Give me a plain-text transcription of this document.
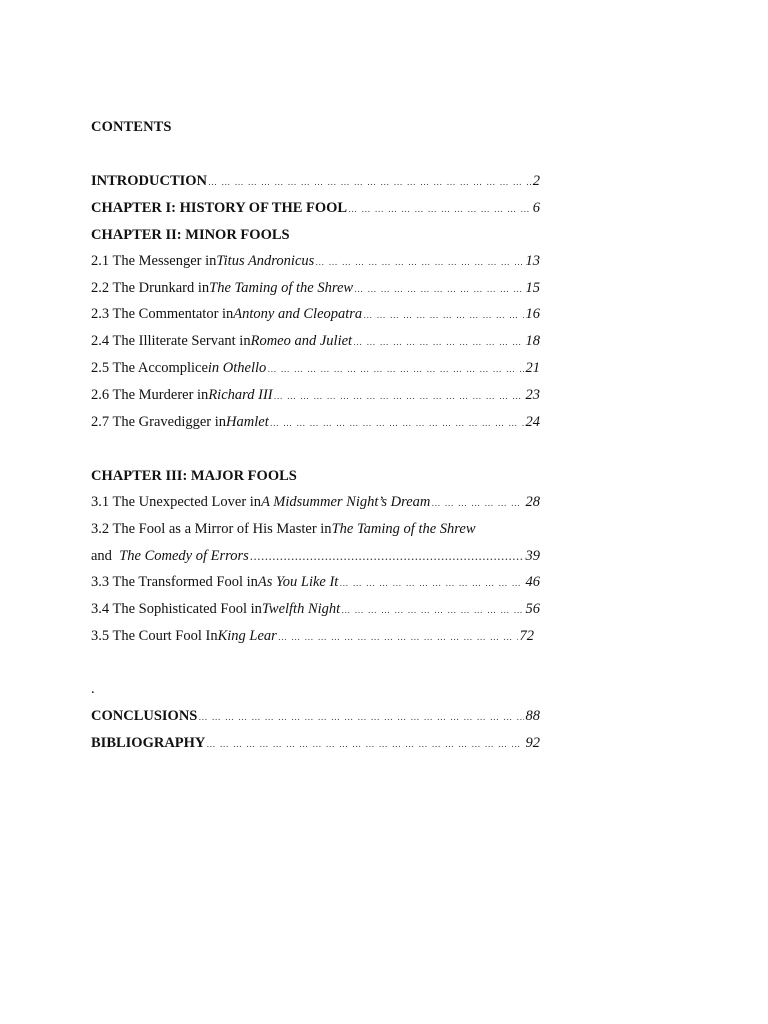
CONTENTS
INTRODUCTION … … … … … … … … … … … … … … … … … … … … … … … … … … … … … … … … … … … … … … … … … … … … … … … … … … … … … … … … … … … … … … …	2
CHAPTER I: HISTORY OF THE FOOL … … … … … … … … … … … … … … … … … … … … … … … … … … … … … … … … … … … … … … … … … … … … … … … … … … … … … … … … … … … … … … …	6
CHAPTER II: MINOR FOOLS
2.1 The Messenger in Titus Andronicus … … … … … … … … … … … … … … … … … … … … … … … … … … … … … … … … … … … … … … … … … … … … … … … … … … … … … … … … … … … … … … …	13
2.2 The Drunkard in The Taming of the Shrew … … … … … … … … … … … … … … … … … … … … … … … … … … … … … … … … … … … … … … … … … … … … … … … … … … … … … … … … … … … … … … …	15
2.3 The Commentator in Antony and Cleopatra … … … … … … … … … … … … … … … … … … … … … … … … … … … … … … … … … … … … … … … … … … … … … … … … … … … … … … … … … … … … … … …	16
2.4 The Illiterate Servant in Romeo and Juliet … … … … … … … … … … … … … … … … … … … … … … … … … … … … … … … … … … … … … … … … … … … … … … … … … … … … … … … … … … … … … … …	18
2.5 The Accomplice in Othello … … … … … … … … … … … … … … … … … … … … … … … … … … … … … … … … … … … … … … … … … … … … … … … … … … … … … … … … … … … … … … …	21
2.6 The Murderer in Richard III … … … … … … … … … … … … … … … … … … … … … … … … … … … … … … … … … … … … … … … … … … … … … … … … … … … … … … … … … … … … … … …	23
2.7 The Gravedigger in Hamlet … … … … … … … … … … … … … … … … … … … … … … … … … … … … … … … … … … … … … … … … … … … … … … … … … … … … … … … … … … … … … … …	24
CHAPTER III: MAJOR FOOLS
3.1 The Unexpected Lover in A Midsummer Night’s Dream … … … … … … … … … … … … … … … … … … … … … … … … … … … … … … … … … … … … … … … … … … … … … … … … … … … … … … … … … … … … … … …	28
3.2 The Fool as a Mirror of His Master in The Taming of the Shrew
and The Comedy of Errors .....	39
3.3 The Transformed Fool in As You Like It … … … … … … … … … … … … … … … … … … … … … … … … … … … … … … … … … … … … … … … … … … … … … … … … … … … … … … … … … … … … … … …	46
3.4 The Sophisticated Fool in Twelfth Night … … … … … … … … … … … … … … … … … … … … … … … … … … … … … … … … … … … … … … … … … … … … … … … … … … … … … … … … … … … … … … …	56
3.5 The Court Fool In King Lear … … … … … … … … … … … … … … … … … … … … … … … … … … … … … … … … … … … … … … … … … … … … … … … … … … … … … … … … … … … … … … …	72
.
CONCLUSIONS … … … … … … … … … … … … … … … … … … … … … … … … … … … … … … … … … … … … … … … … … … … … … … … … … … … … … … … … … … … … … … …	88
BIBLIOGRAPHY … … … … … … … … … … … … … … … … … … … … … … … … … … … … … … … … … … … … … … … … … … … … … … … … … … … … … … … … … … … … … … …	92
